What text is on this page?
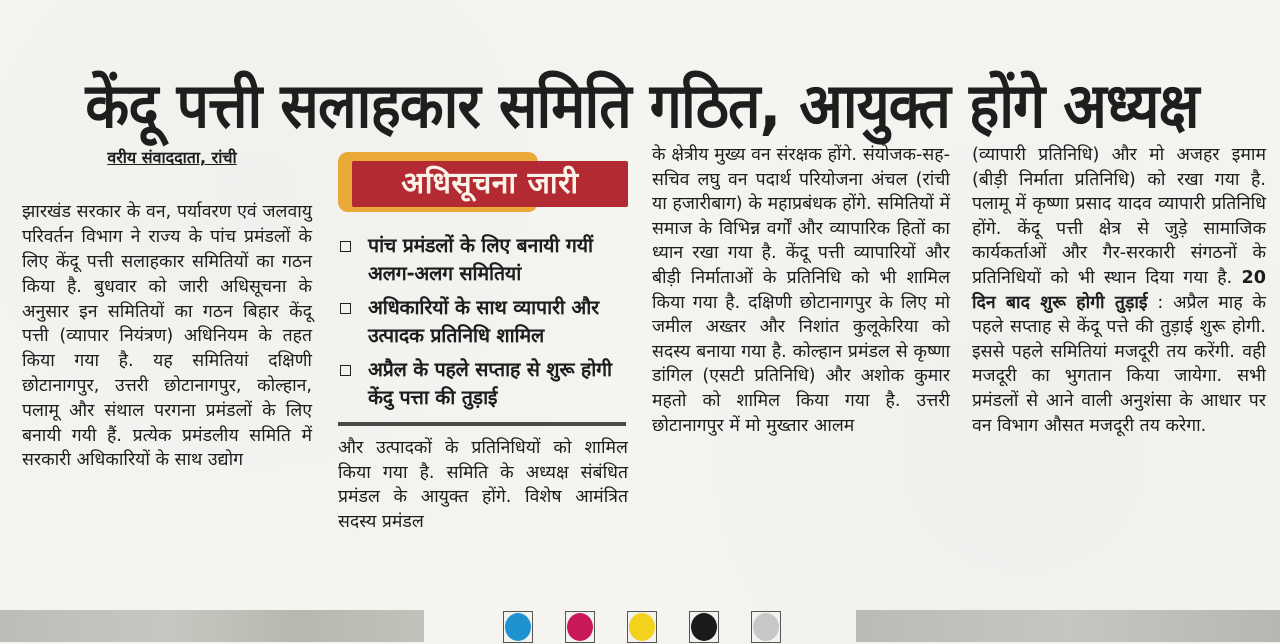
केंदू पत्ती सलाहकार समिति गठित, आयुक्त होंगे अध्यक्ष
वरीय संवाददाता, रांची

झारखंड सरकार के वन, पर्यावरण एवं जलवायु परिवर्तन विभाग ने राज्य के पांच प्रमंडलों के लिए केंदू पत्ती सलाहकार समितियों का गठन किया है. बुधवार को जारी अधिसूचना के अनुसार इन समितियों का गठन बिहार केंदू पत्ती (व्यापार नियंत्रण) अधिनियम के तहत किया गया है. यह समितियां दक्षिणी छोटानागपुर, उत्तरी छोटानागपुर, कोल्हान, पलामू और संथाल परगना प्रमंडलों के लिए बनायी गयी हैं. प्रत्येक प्रमंडलीय समिति में सरकारी अधिकारियों के साथ उद्योग

अधिसूचना जारी
पांच प्रमंडलों के लिए बनायी गयीं अलग-अलग समितियां
अधिकारियों के साथ व्यापारी और उत्पादक प्रतिनिधि शामिल
अप्रैल के पहले सप्ताह से शुरू होगी केंदु पत्ता की तुड़ाई

और उत्पादकों के प्रतिनिधियों को शामिल किया गया है. समिति के अध्यक्ष संबंधित प्रमंडल के आयुक्त होंगे. विशेष आमंत्रित सदस्य प्रमंडल

के क्षेत्रीय मुख्य वन संरक्षक होंगे. संयोजक-सह-सचिव लघु वन पदार्थ परियोजना अंचल (रांची या हजारीबाग) के महाप्रबंधक होंगे. समितियों में समाज के विभिन्न वर्गों और व्यापारिक हितों का ध्यान रखा गया है. केंदू पत्ती व्यापारियों और बीड़ी निर्माताओं के प्रतिनिधि को भी शामिल किया गया है. दक्षिणी छोटानागपुर के लिए मो जमील अख्तर और निशांत कुलूकेरिया को सदस्य बनाया गया है. कोल्हान प्रमंडल से कृष्णा डांगिल (एसटी प्रतिनिधि) और अशोक कुमार महतो को शामिल किया गया है. उत्तरी छोटानागपुर में मो मुख्तार आलम

(व्यापारी प्रतिनिधि) और मो अजहर इमाम (बीड़ी निर्माता प्रतिनिधि) को रखा गया है. पलामू में कृष्णा प्रसाद यादव व्यापारी प्रतिनिधि होंगे. केंदू पत्ती क्षेत्र से जुड़े सामाजिक कार्यकर्ताओं और गैर-सरकारी संगठनों के प्रतिनिधियों को भी स्थान दिया गया है. 20 दिन बाद शुरू होगी तुड़ाई : अप्रैल माह के पहले सप्ताह से केंदू पत्ते की तुड़ाई शुरू होगी. इससे पहले समितियां मजदूरी तय करेंगी. वही मजदूरी का भुगतान किया जायेगा. सभी प्रमंडलों से आने वाली अनुशंसा के आधार पर वन विभाग औसत मजदूरी तय करेगा.
